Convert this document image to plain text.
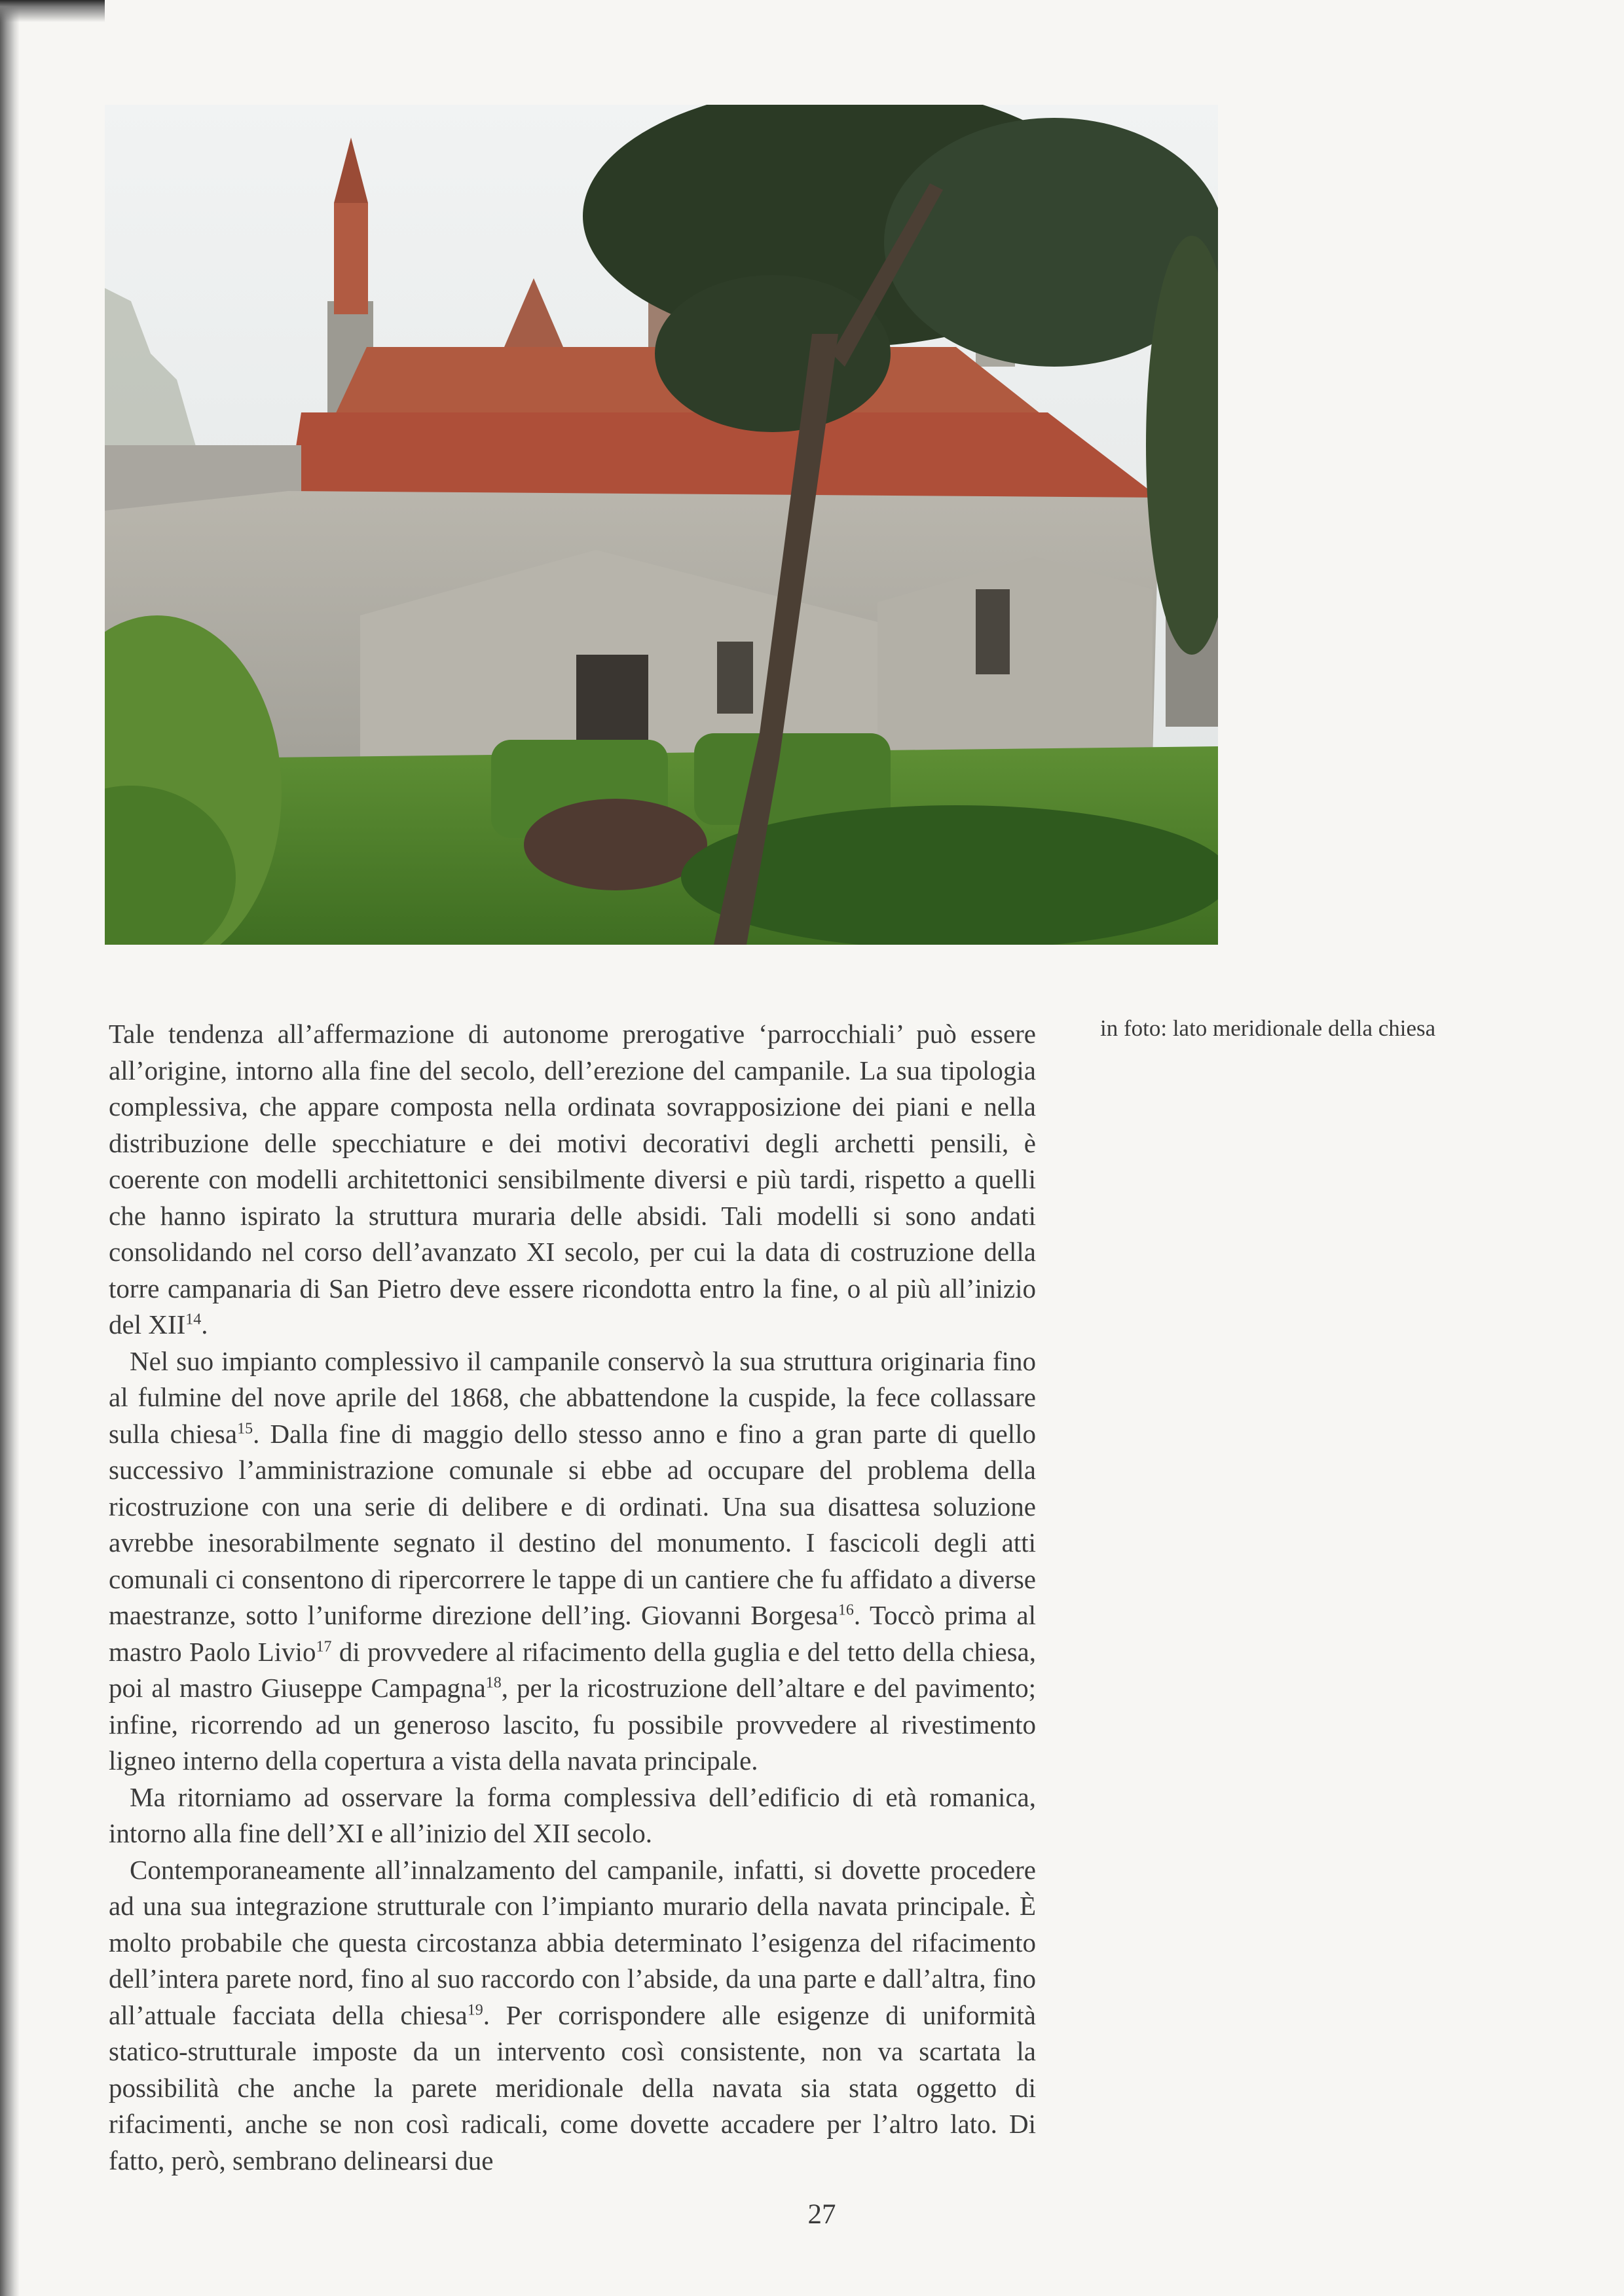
in foto: lato meridionale della chiesa

Tale tendenza all’affermazione di autonome prerogative ‘parrocchiali’ può essere all’origine, intorno alla fine del secolo, dell’erezione del campanile. La sua tipologia complessiva, che appare composta nella ordinata sovrapposizione dei piani e nella distribuzione delle specchiature e dei motivi decorativi degli archetti pensili, è coerente con modelli architettonici sensibilmente diversi e più tardi, rispetto a quelli che hanno ispirato la struttura muraria delle absidi. Tali modelli si sono andati consolidando nel corso dell’avanzato XI secolo, per cui la data di costruzione della torre campanaria di San Pietro deve essere ricondotta entro la fine, o al più all’inizio del XII$^{14}$.

Nel suo impianto complessivo il campanile conservò la sua struttura originaria fino al fulmine del nove aprile del 1868, che abbattendone la cuspide, la fece collassare sulla chiesa$^{15}$. Dalla fine di maggio dello stesso anno e fino a gran parte di quello successivo l’amministrazione comunale si ebbe ad occupare del problema della ricostruzione con una serie di delibere e di ordinati. Una sua disattesa soluzione avrebbe inesorabilmente segnato il destino del monumento. I fascicoli degli atti comunali ci consentono di ripercorrere le tappe di un cantiere che fu affidato a diverse maestranze, sotto l’uniforme direzione dell’ing. Giovanni Borgesa$^{16}$. Toccò prima al mastro Paolo Livio$^{17}$ di provvedere al rifacimento della guglia e del tetto della chiesa, poi al mastro Giuseppe Campagna$^{18}$, per la ricostruzione dell’altare e del pavimento; infine, ricorrendo ad un generoso lascito, fu possibile provvedere al rivestimento ligneo interno della copertura a vista della navata principale.

Ma ritorniamo ad osservare la forma complessiva dell’edificio di età romanica, intorno alla fine dell’XI e all’inizio del XII secolo.

Contemporaneamente all’innalzamento del campanile, infatti, si dovette procedere ad una sua integrazione strutturale con l’impianto murario della navata principale. È molto probabile che questa circostanza abbia determinato l’esigenza del rifacimento dell’intera parete nord, fino al suo raccordo con l’abside, da una parte e dall’altra, fino all’attuale facciata della chiesa$^{19}$. Per corrispondere alle esigenze di uniformità statico-strutturale imposte da un intervento così consistente, non va scartata la possibilità che anche la parete meridionale della navata sia stata oggetto di rifacimenti, anche se non così radicali, come dovette accadere per l’altro lato. Di fatto, però, sembrano delinearsi due

27
